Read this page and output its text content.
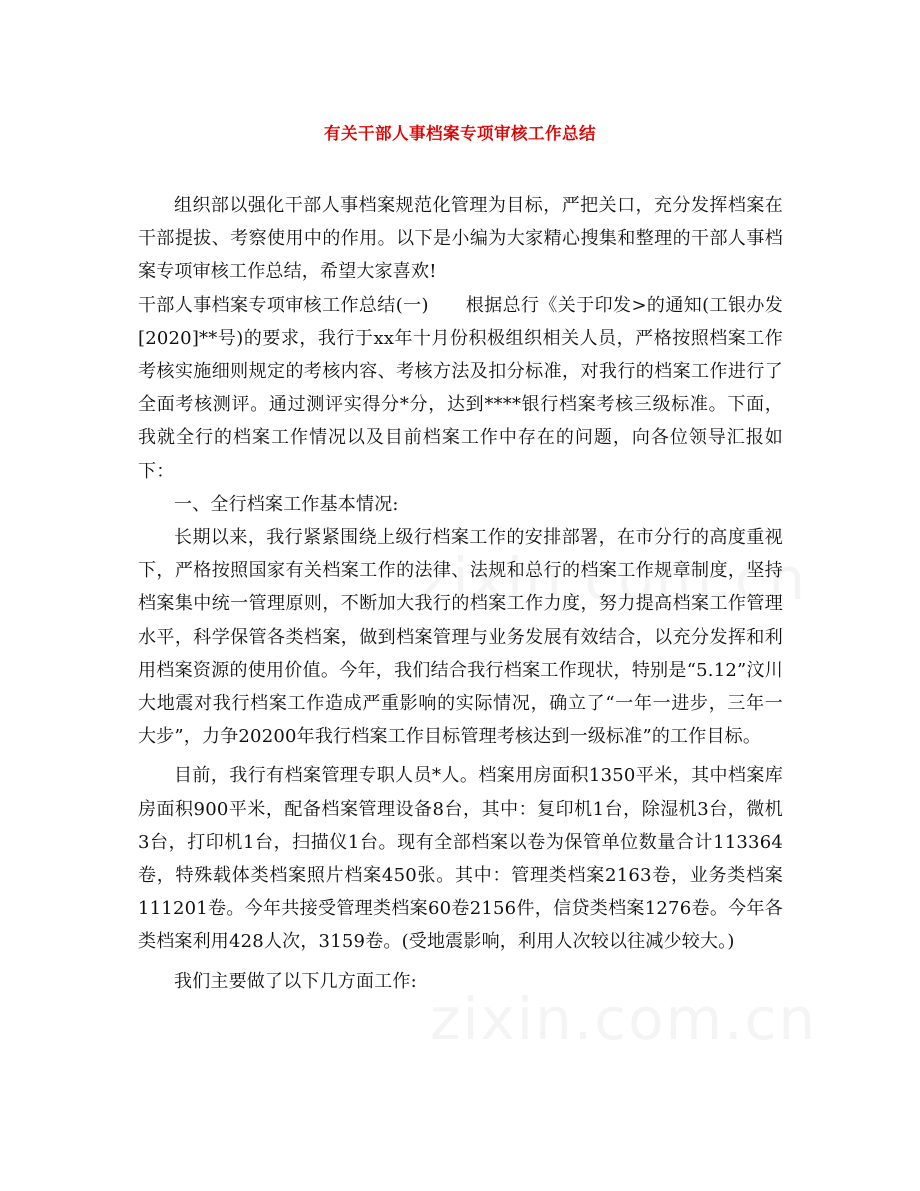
有关干部人事档案专项审核工作总结

组织部以强化干部人事档案规范化管理为目标，严把关口，充分发挥档案在干部提拔、考察使用中的作用。以下是小编为大家精心搜集和整理的干部人事档案专项审核工作总结，希望大家喜欢!

干部人事档案专项审核工作总结(一)　　根据总行《关于印发>的通知(工银办发[2020]**号)的要求，我行于xx年十月份积极组织相关人员，严格按照档案工作考核实施细则规定的考核内容、考核方法及扣分标准，对我行的档案工作进行了全面考核测评。通过测评实得分*分，达到****银行档案考核三级标准。下面，我就全行的档案工作情况以及目前档案工作中存在的问题，向各位领导汇报如下：

一、全行档案工作基本情况:

长期以来，我行紧紧围绕上级行档案工作的安排部署，在市分行的高度重视下，严格按照国家有关档案工作的法律、法规和总行的档案工作规章制度，坚持档案集中统一管理原则，不断加大我行的档案工作力度，努力提高档案工作管理水平，科学保管各类档案，做到档案管理与业务发展有效结合，以充分发挥和利用档案资源的使用价值。今年，我们结合我行档案工作现状，特别是“5.12”汶川大地震对我行档案工作造成严重影响的实际情况，确立了“一年一进步，三年一大步”，力争20200年我行档案工作目标管理考核达到一级标准”的工作目标。

目前，我行有档案管理专职人员*人。档案用房面积1350平米，其中档案库房面积900平米，配备档案管理设备8台，其中：复印机1台，除湿机3台，微机3台，打印机1台，扫描仪1台。现有全部档案以卷为保管单位数量合计113364卷，特殊载体类档案照片档案450张。其中：管理类档案2163卷，业务类档案111201卷。今年共接受管理类档案60卷2156件，信贷类档案1276卷。今年各类档案利用428人次，3159卷。(受地震影响，利用人次较以往减少较大。)

我们主要做了以下几方面工作:
